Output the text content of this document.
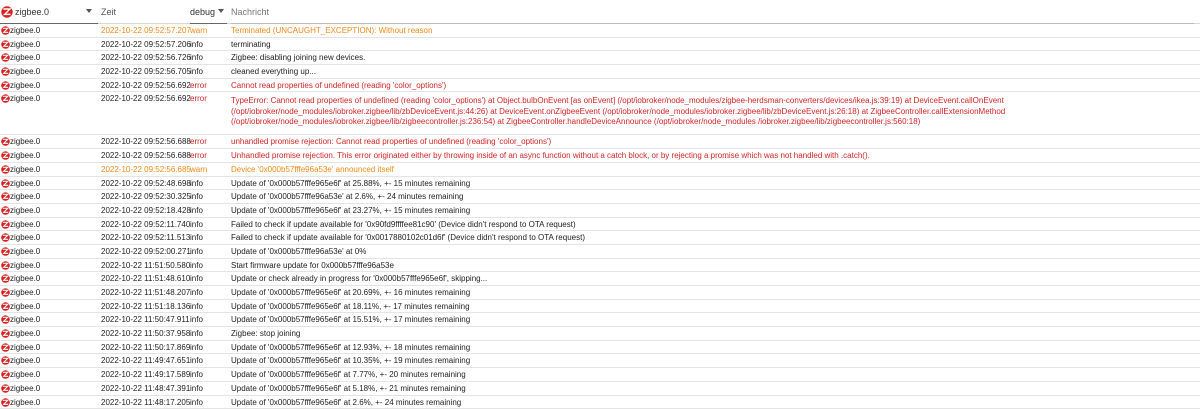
zigbee.0	Zeit	debug Nachricht
zigbee.0	2022-10-22 09:52:57.207 warn	Terminated (UNCAUGHT_EXCEPTION): Without reason
zigbee.0	2022-10-22 09:52:57.206 info	terminating
zigbee.0	2022-10-22 09:52:56.726 info	Zigbee: disabling joining new devices.
zigbee.0	2022-10-22 09:52:56.705 info	cleaned everything up...
zigbee.0	2022-10-22 09:52:56.692 error	Cannot read properties of undefined (reading 'color_options')
zigbee.0	2022-10-22 09:52:56.692 error	TypeError: Cannot read properties of undefined (reading 'color_options') at Object.bulbOnEvent [as onEvent] (/opt/iobroker/node_modules/zigbee-herdsman-converters/devices/ikea.js:39:19) at DeviceEvent.callOnEvent (/opt/iobroker/node_modules/iobroker.zigbee/lib/zbDeviceEvent.js:44:26) at DeviceEvent.onZigbeeEvent (/opt/iobroker/node_modules/iobroker.zigbee/lib/zbDeviceEvent.js:26:18) at ZigbeeController.callExtensionMethod (/opt/iobroker/node_modules/iobroker.zigbee/lib/zigbeecontroller.js:236:54) at ZigbeeController.handleDeviceAnnounce (/opt/iobroker/node_modules /iobroker.zigbee/lib/zigbeecontroller.js:560:18)
zigbee.0	2022-10-22 09:52:56.688 error	unhandled promise rejection: Cannot read properties of undefined (reading 'color_options')
zigbee.0	2022-10-22 09:52:56.688 error	Unhandled promise rejection. This error originated either by throwing inside of an async function without a catch block, or by rejecting a promise which was not handled with .catch().
zigbee.0	2022-10-22 09:52:56.685 warn	Device '0x000b57fffe96a53e' announced itself
zigbee.0	2022-10-22 09:52:48.698 info	Update of '0x000b57fffe965e6f' at 25.88%, +- 15 minutes remaining
zigbee.0	2022-10-22 09:52:30.325 info	Update of '0x000b57fffe96a53e' at 2.6%, +- 24 minutes remaining
zigbee.0	2022-10-22 09:52:18.428 info	Update of '0x000b57fffe965e6f' at 23.27%, +- 15 minutes remaining
zigbee.0	2022-10-22 09:52:11.740 info	Failed to check if update available for '0x90fd9ffffee81c90' (Device didn't respond to OTA request)
zigbee.0	2022-10-22 09:52:11.513 info	Failed to check if update available for '0x0017880102c01d6f' (Device didn't respond to OTA request)
zigbee.0	2022-10-22 09:52:00.271 info	Update of '0x000b57fffe96a53e' at 0%
zigbee.0	2022-10-22 11:51:50.580 info	Start firmware update for 0x000b57fffe96a53e
zigbee.0	2022-10-22 11:51:48.610 info	Update or check already in progress for '0x000b57fffe965e6f', skipping...
zigbee.0	2022-10-22 11:51:48.207 info	Update of '0x000b57fffe965e6f' at 20.69%, +- 16 minutes remaining
zigbee.0	2022-10-22 11:51:18.136 info	Update of '0x000b57fffe965e6f' at 18.11%, +- 17 minutes remaining
zigbee.0	2022-10-22 11:50:47.911 info	Update of '0x000b57fffe965e6f' at 15.51%, +- 17 minutes remaining
zigbee.0	2022-10-22 11:50:37.958 info	Zigbee: stop joining
zigbee.0	2022-10-22 11:50:17.869 info	Update of '0x000b57fffe965e6f' at 12.93%, +- 18 minutes remaining
zigbee.0	2022-10-22 11:49:47.651 info	Update of '0x000b57fffe965e6f' at 10.35%, +- 19 minutes remaining
zigbee.0	2022-10-22 11:49:17.589 info	Update of '0x000b57fffe965e6f' at 7.77%, +- 20 minutes remaining
zigbee.0	2022-10-22 11:48:47.391 info	Update of '0x000b57fffe965e6f' at 5.18%, +- 21 minutes remaining
zigbee.0	2022-10-22 11:48:17.205 info	Update of '0x000b57fffe965e6f' at 2.6%, +- 24 minutes remaining
